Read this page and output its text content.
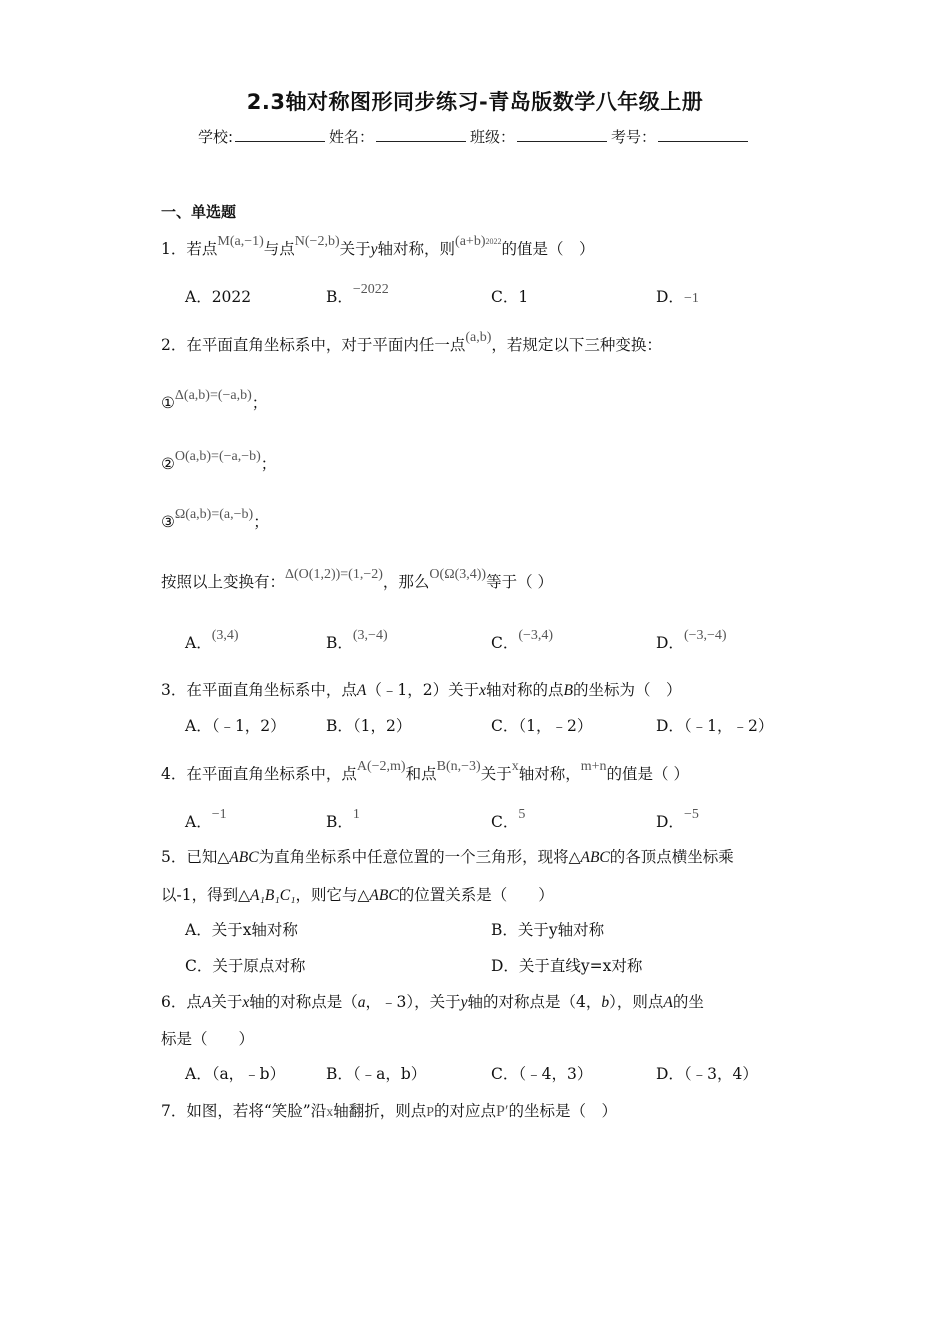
2.3轴对称图形同步练习-青岛版数学八年级上册
学校:	姓名：	班级：	考号：
一、单选题
1．若点M(a,−1)与点N(−2,b)关于y轴对称，则$(a+b)^{2022}$的值是（　）
A．2022	B．−2022	C．1	D．−1
2．在平面直角坐标系中，对于平面内任一点(a,b)，若规定以下三种变换：
①Δ(a,b)=(−a,b)；
②O(a,b)=(−a,−b)；
③Ω(a,b)=(a,−b)；
按照以上变换有：Δ(O(1,2))=(1,−2)，那么O(Ω(3,4))等于（ ）
A．(3,4)	B．(3,−4)	C．(−3,4)	D．(−3,−4)
3．在平面直角坐标系中，点A（﹣1，2）关于x轴对称的点B的坐标为（　）
A．（﹣1，2）	B．（1，2）	C．（1，﹣2）	D．（﹣1，﹣2）
4．在平面直角坐标系中，点A(−2,m)和点B(n,−3)关于x轴对称，m+n的值是（ ）
A．−1	B．1	C．5	D．−5
5．已知△ABC为直角坐标系中任意位置的一个三角形，现将△ABC的各顶点横坐标乘
以-1，得到△A₁B₁C₁，则它与△ABC的位置关系是（　　）
A．关于x轴对称	B．关于y轴对称
C．关于原点对称	D．关于直线y=x对称
6．点A关于x轴的对称点是（a，﹣3），关于y轴的对称点是（4，b），则点A的坐
标是（　　）
A．（a，﹣b）	B．（﹣a，b）	C．（﹣4，3）	D．（﹣3，4）
7．如图，若将“笑脸”沿x轴翻折，则点P的对应点P′的坐标是（　）
